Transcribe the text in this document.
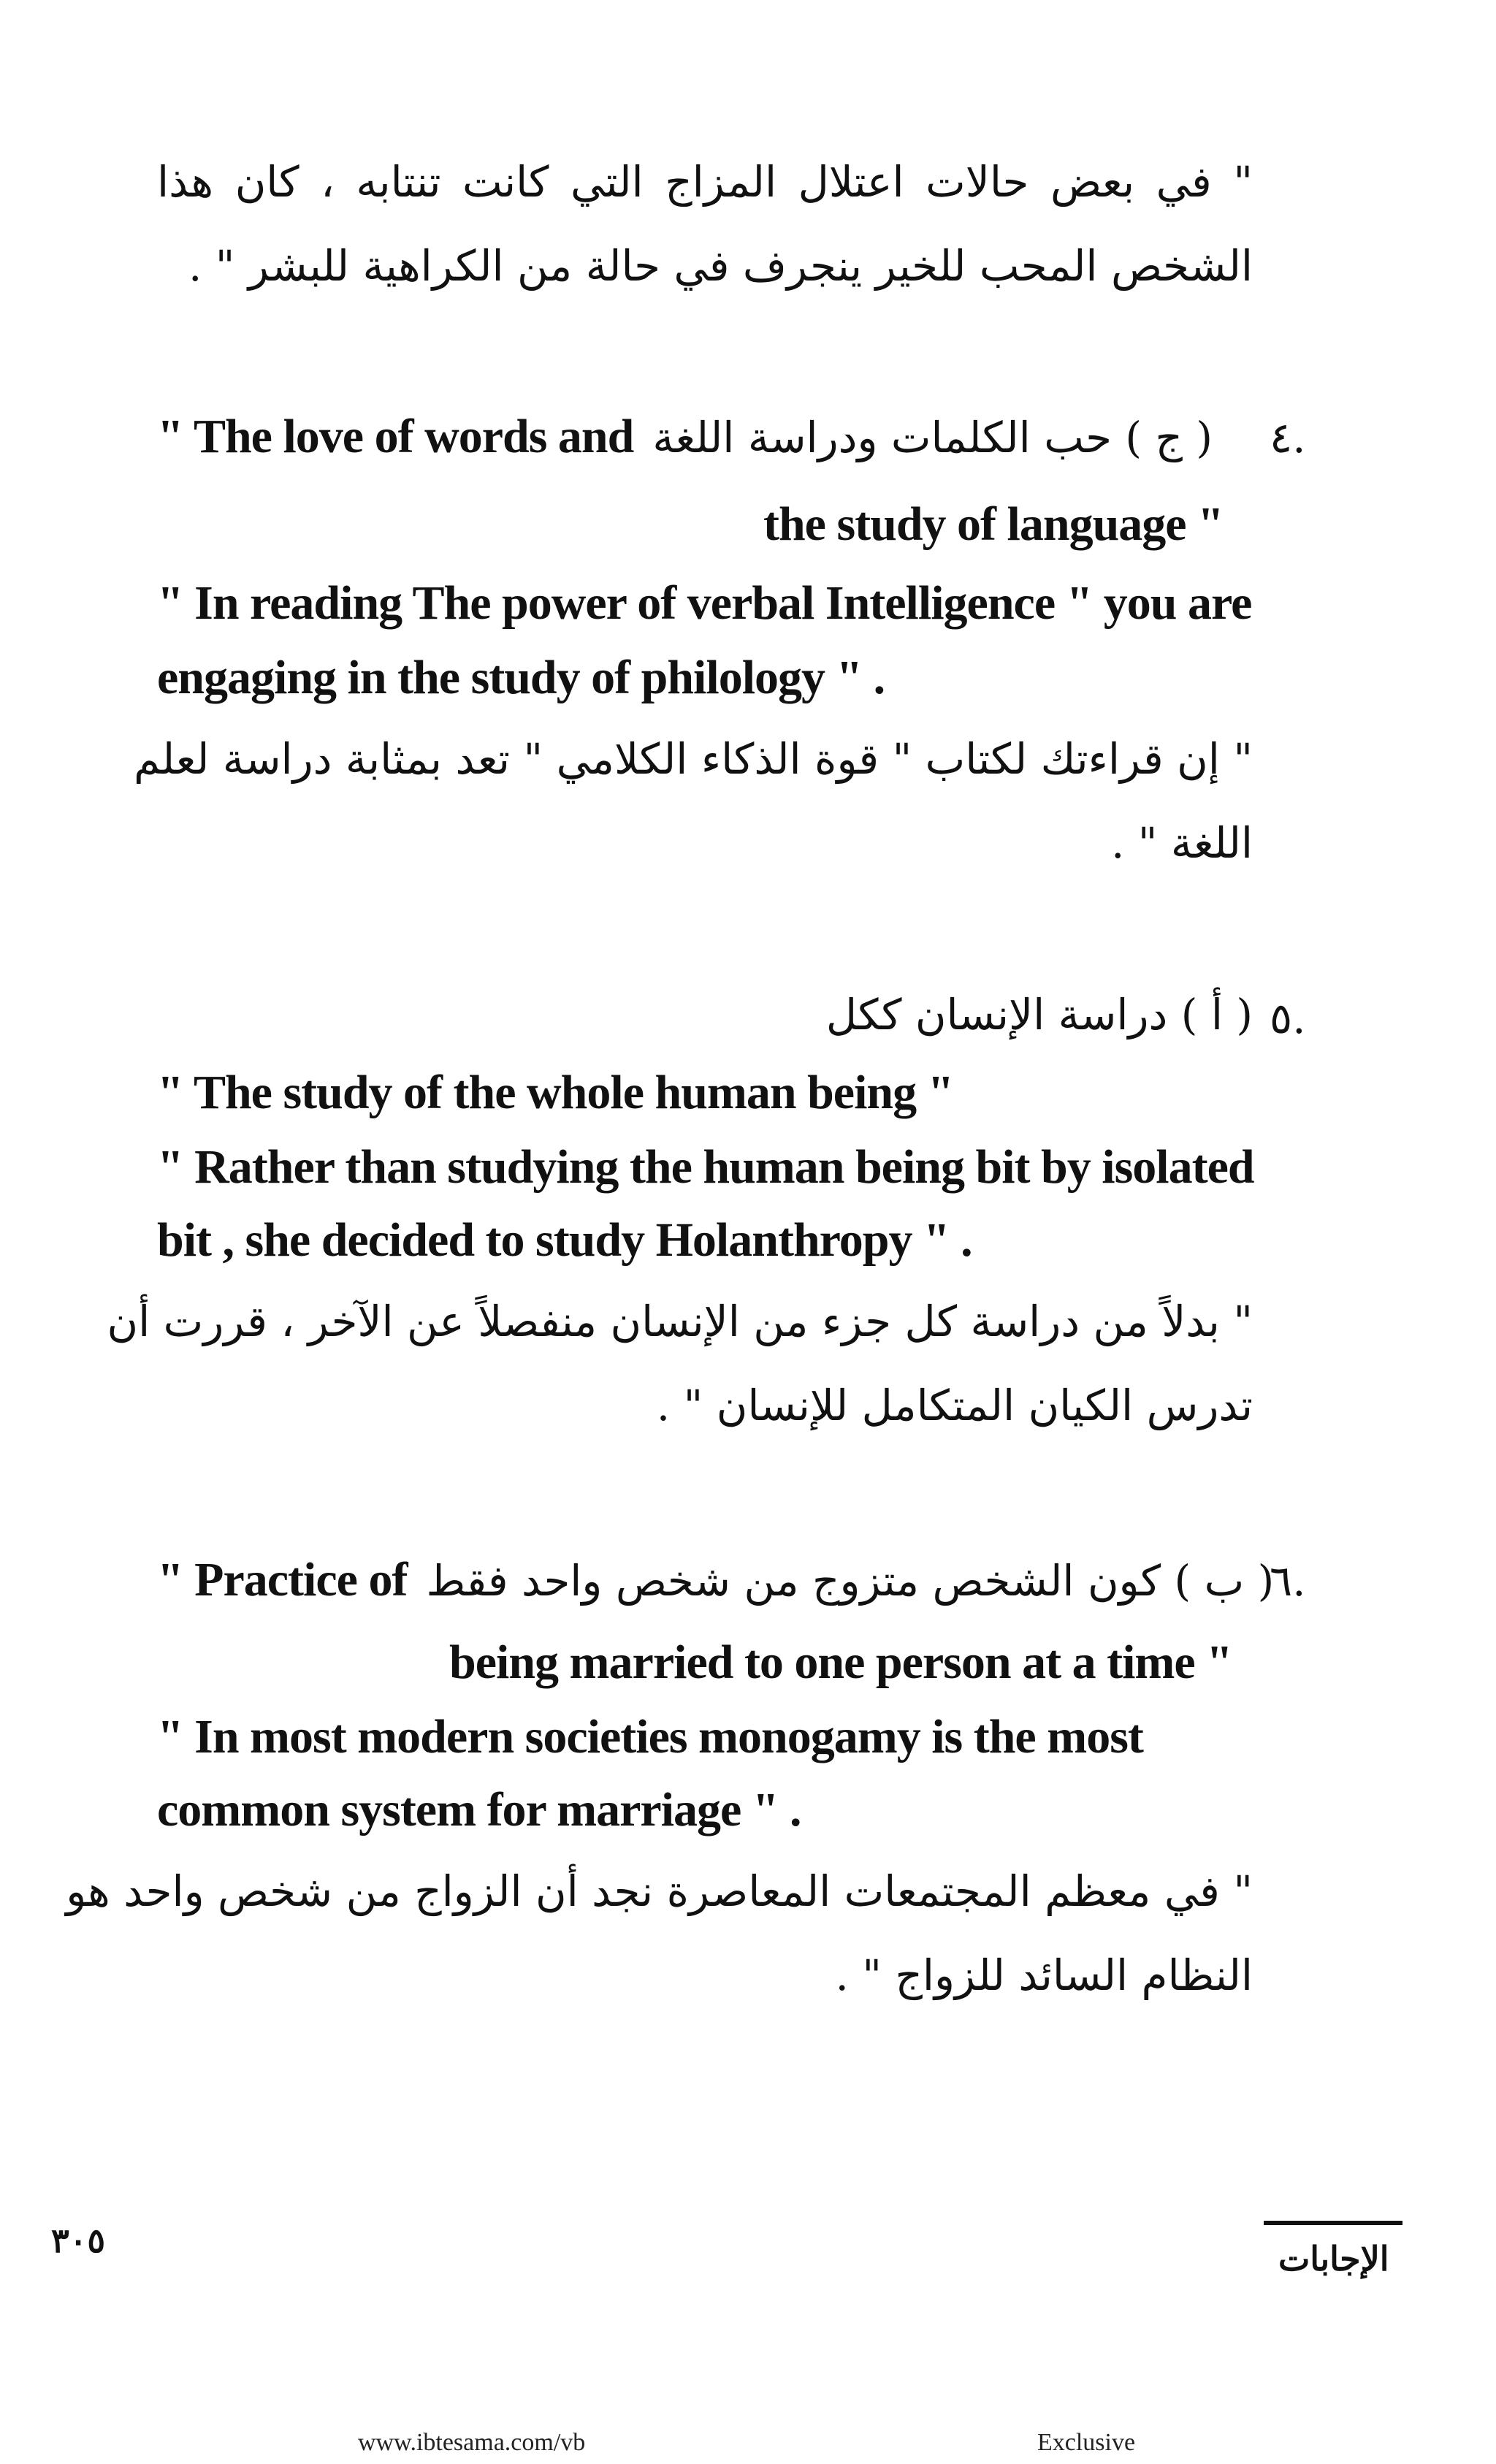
" في بعض حالات اعتلال المزاج التي كانت تنتابه ، كان هذا
الشخص المحب للخير ينجرف في حالة من الكراهية للبشر " .
٤.
" The love of words and ( ج ) حب الكلمات ودراسة اللغة
the study of language "
" In reading The power of verbal Intelligence " you are
engaging in the study of philology " .
" إن قراءتك لكتاب " قوة الذكاء الكلامي " تعد بمثابة دراسة لعلم
اللغة " .
٥.
( أ ) دراسة الإنسان ككل
" The study of the whole human being "
" Rather than studying the human being bit by isolated
bit , she decided to study Holanthropy " .
" بدلاً من دراسة كل جزء من الإنسان منفصلاً عن الآخر ، قررت أن
تدرس الكيان المتكامل للإنسان " .
٦.
" Practice of ( ب ) كون الشخص متزوج من شخص واحد فقط
being married to one person at a time "
" In most modern societies monogamy is the most
common system for marriage " .
" في معظم المجتمعات المعاصرة نجد أن الزواج من شخص واحد هو
النظام السائد للزواج " .
٣٠٥	الإجابات
www.ibtesama.com/vb	Exclusive
